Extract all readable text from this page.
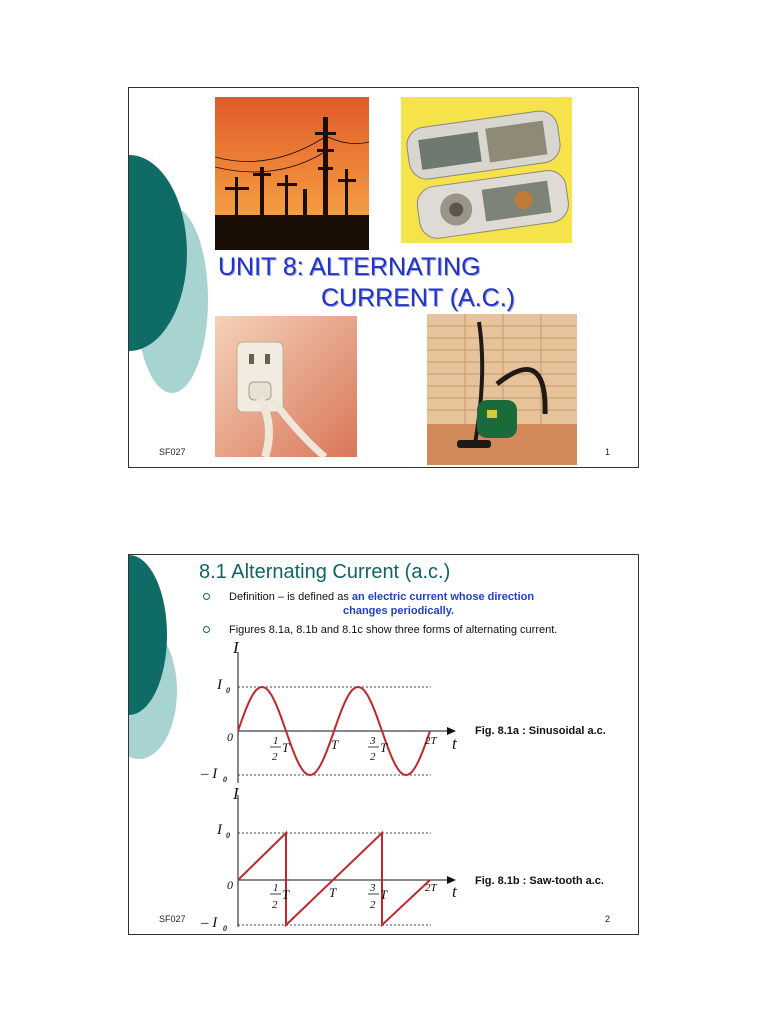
UNIT 8: ALTERNATING
CURRENT (A.C.)
SF027	1
8.1 Alternating Current (a.c.)
Definition – is defined as an electric current whose direction
changes periodically.
Figures 8.1a, 8.1b and 8.1c show three forms of alternating current.
I
I 0
– I 0
0	1
2
T	T	3
2
T	2T t
I
I 0
– I 0
0	1
2
T	T	3
2
T	2T t
Fig. 8.1a : Sinusoidal a.c.
Fig. 8.1b : Saw-tooth a.c.
SF027	2
